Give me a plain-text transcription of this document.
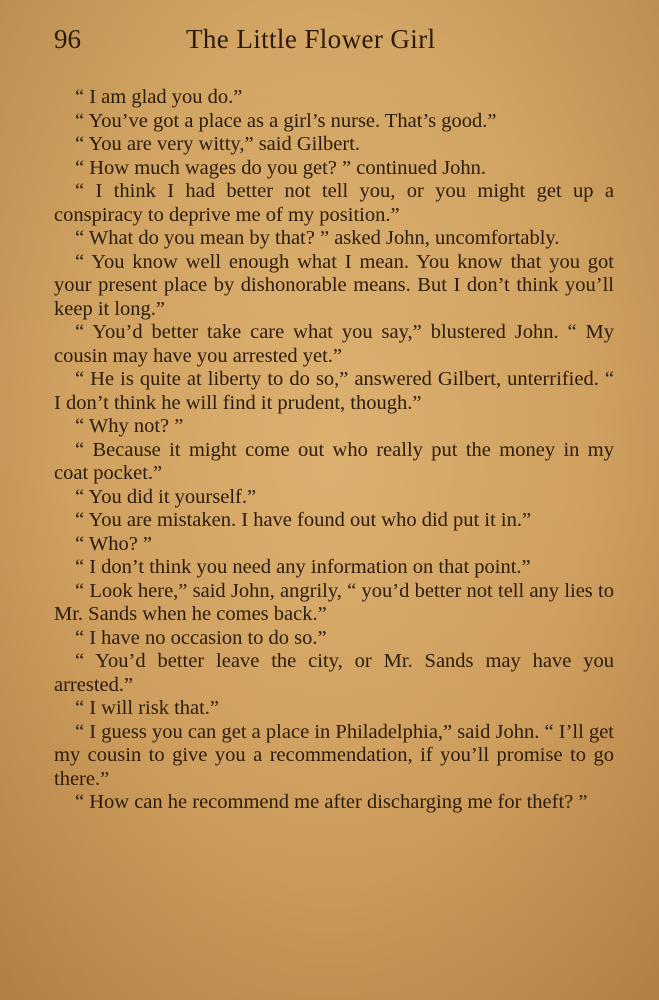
96	The Little Flower Girl

“ I am glad you do.”

“ You’ve got a place as a girl’s nurse. That’s good.”

“ You are very witty,” said Gilbert.

“ How much wages do you get? ” continued John.

“ I think I had better not tell you, or you might get up a conspiracy to deprive me of my position.”

“ What do you mean by that? ” asked John, uncomfortably.

“ You know well enough what I mean. You know that you got your present place by dishonorable means. But I don’t think you’ll keep it long.”

“ You’d better take care what you say,” blustered John. “ My cousin may have you arrested yet.”

“ He is quite at liberty to do so,” answered Gilbert, unterrified. “ I don’t think he will find it prudent, though.”

“ Why not? ”

“ Because it might come out who really put the money in my coat pocket.”

“ You did it yourself.”

“ You are mistaken. I have found out who did put it in.”

“ Who? ”

“ I don’t think you need any information on that point.”

“ Look here,” said John, angrily, “ you’d better not tell any lies to Mr. Sands when he comes back.”

“ I have no occasion to do so.”

“ You’d better leave the city, or Mr. Sands may have you arrested.”

“ I will risk that.”

“ I guess you can get a place in Philadelphia,” said John. “ I’ll get my cousin to give you a recommendation, if you’ll promise to go there.”

“ How can he recommend me after discharging me for theft? ”
